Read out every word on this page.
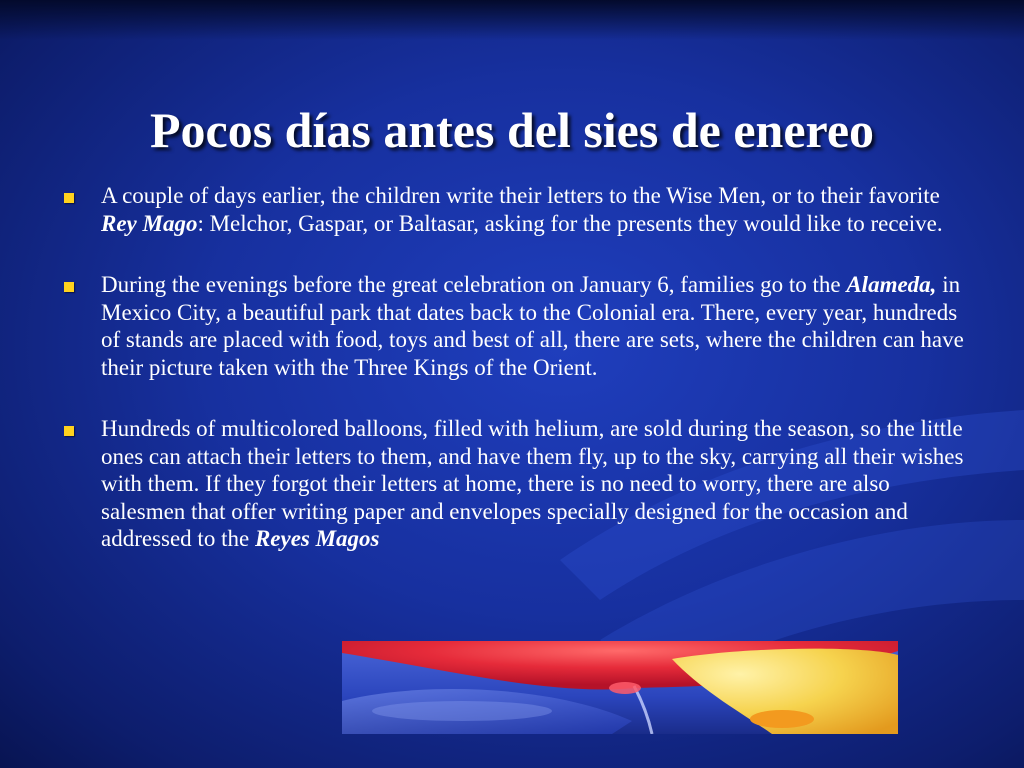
Pocos días antes del sies de enereo
A couple of days earlier, the children write their letters to the Wise Men, or to their favorite Rey Mago: Melchor, Gaspar, or Baltasar, asking for the presents they would like to receive.
During the evenings before the great celebration on January 6, families go to the Alameda, in Mexico City, a beautiful park that dates back to the Colonial era. There, every year, hundreds of stands are placed with food, toys and best of all, there are sets, where the children can have their picture taken with the Three Kings of the Orient.
Hundreds of multicolored balloons, filled with helium, are sold during the season, so the little ones can attach their letters to them, and have them fly, up to the sky, carrying all their wishes with them. If they forgot their letters at home, there is no need to worry, there are also salesmen that offer writing paper and envelopes specially designed for the occasion and addressed to the Reyes Magos
